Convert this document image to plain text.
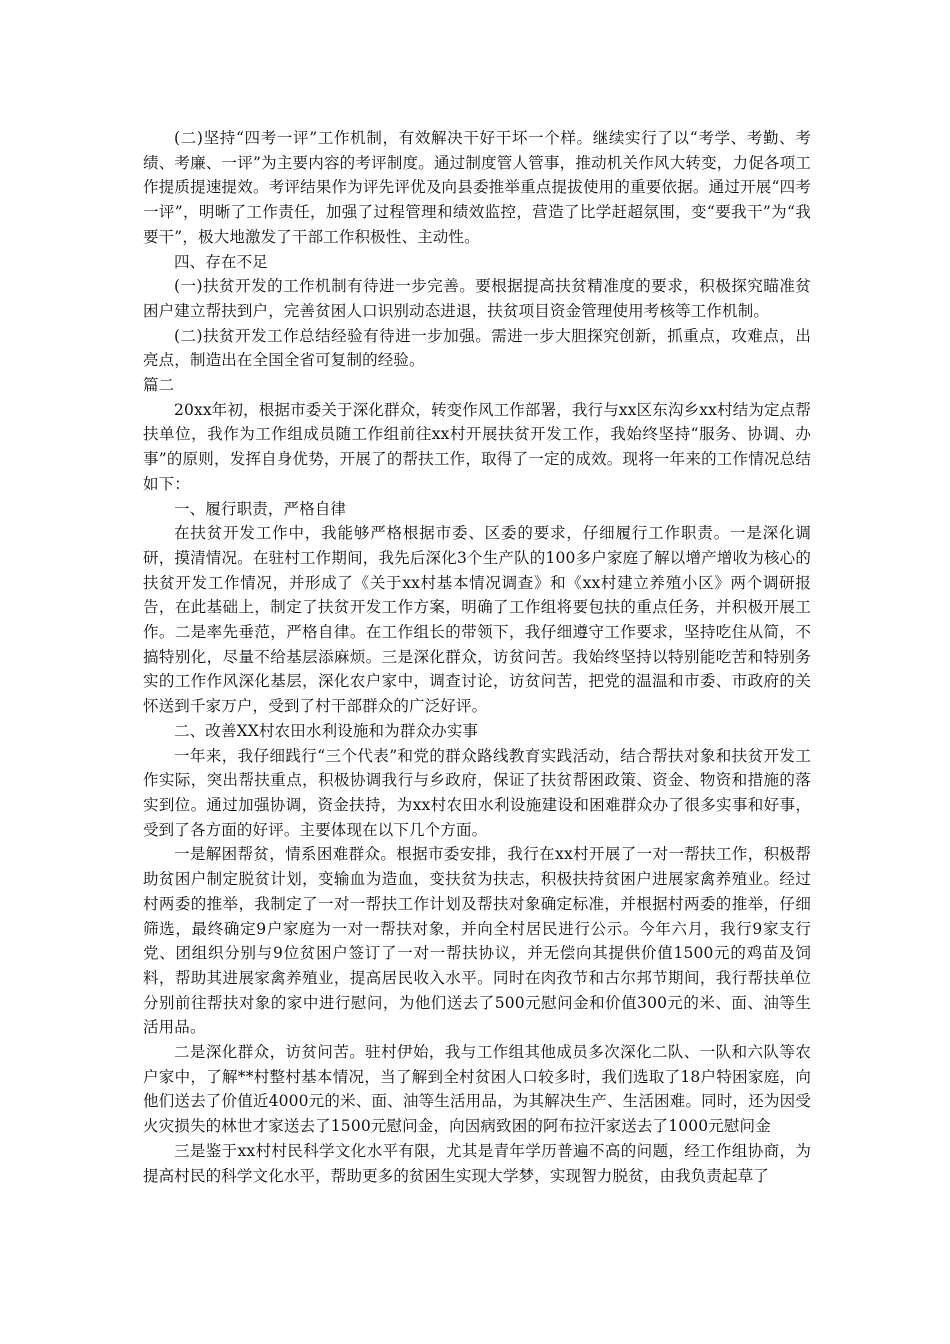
(二)坚持“四考一评”工作机制，有效解决干好干坏一个样。继续实行了以“考学、考勤、考绩、考廉、一评”为主要内容的考评制度。通过制度管人管事，推动机关作风大转变，力促各项工作提质提速提效。考评结果作为评先评优及向县委推举重点提拔使用的重要依据。通过开展“四考一评”，明晰了工作责任，加强了过程管理和绩效监控，营造了比学赶超氛围，变“要我干”为“我要干”，极大地激发了干部工作积极性、主动性。

四、存在不足

(一)扶贫开发的工作机制有待进一步完善。要根据提高扶贫精准度的要求，积极探究瞄准贫困户建立帮扶到户，完善贫困人口识别动态进退，扶贫项目资金管理使用考核等工作机制。

(二)扶贫开发工作总结经验有待进一步加强。需进一步大胆探究创新，抓重点，攻难点，出亮点，制造出在全国全省可复制的经验。

篇二

20xx年初，根据市委关于深化群众，转变作风工作部署，我行与xx区东沟乡xx村结为定点帮扶单位，我作为工作组成员随工作组前往xx村开展扶贫开发工作，我始终坚持“服务、协调、办事”的原则，发挥自身优势，开展了的帮扶工作，取得了一定的成效。现将一年来的工作情况总结如下：

一、履行职责，严格自律

在扶贫开发工作中，我能够严格根据市委、区委的要求，仔细履行工作职责。一是深化调研，摸清情况。在驻村工作期间，我先后深化3个生产队的100多户家庭了解以增产增收为核心的扶贫开发工作情况，并形成了《关于xx村基本情况调查》和《xx村建立养殖小区》两个调研报告，在此基础上，制定了扶贫开发工作方案，明确了工作组将要包扶的重点任务，并积极开展工作。二是率先垂范，严格自律。在工作组长的带领下，我仔细遵守工作要求，坚持吃住从简，不搞特别化，尽量不给基层添麻烦。三是深化群众，访贫问苦。我始终坚持以特别能吃苦和特别务实的工作作风深化基层，深化农户家中，调查讨论，访贫问苦，把党的温温和市委、市政府的关怀送到千家万户，受到了村干部群众的广泛好评。

二、改善XX村农田水利设施和为群众办实事

一年来，我仔细践行“三个代表”和党的群众路线教育实践活动，结合帮扶对象和扶贫开发工作实际，突出帮扶重点，积极协调我行与乡政府，保证了扶贫帮困政策、资金、物资和措施的落实到位。通过加强协调，资金扶持，为xx村农田水利设施建设和困难群众办了很多实事和好事，受到了各方面的好评。主要体现在以下几个方面。

一是解困帮贫，情系困难群众。根据市委安排，我行在xx村开展了一对一帮扶工作，积极帮助贫困户制定脱贫计划，变输血为造血，变扶贫为扶志，积极扶持贫困户进展家禽养殖业。经过村两委的推举，我制定了一对一帮扶工作计划及帮扶对象确定标准，并根据村两委的推举，仔细筛选，最终确定9户家庭为一对一帮扶对象，并向全村居民进行公示。今年六月，我行9家支行党、团组织分别与9位贫困户签订了一对一帮扶协议，并无偿向其提供价值1500元的鸡苗及饲料，帮助其进展家禽养殖业，提高居民收入水平。同时在肉孜节和古尔邦节期间，我行帮扶单位分别前往帮扶对象的家中进行慰问，为他们送去了500元慰问金和价值300元的米、面、油等生活用品。

二是深化群众，访贫问苦。驻村伊始，我与工作组其他成员多次深化二队、一队和六队等农户家中，了解**村整村基本情况，当了解到全村贫困人口较多时，我们选取了18户特困家庭，向他们送去了价值近4000元的米、面、油等生活用品，为其解决生产、生活困难。同时，还为因受火灾损失的林世才家送去了1500元慰问金，向因病致困的阿布拉汗家送去了1000元慰问金

三是鉴于xx村村民科学文化水平有限，尤其是青年学历普遍不高的问题，经工作组协商，为提高村民的科学文化水平，帮助更多的贫困生实现大学梦，实现智力脱贫，由我负责起草了
